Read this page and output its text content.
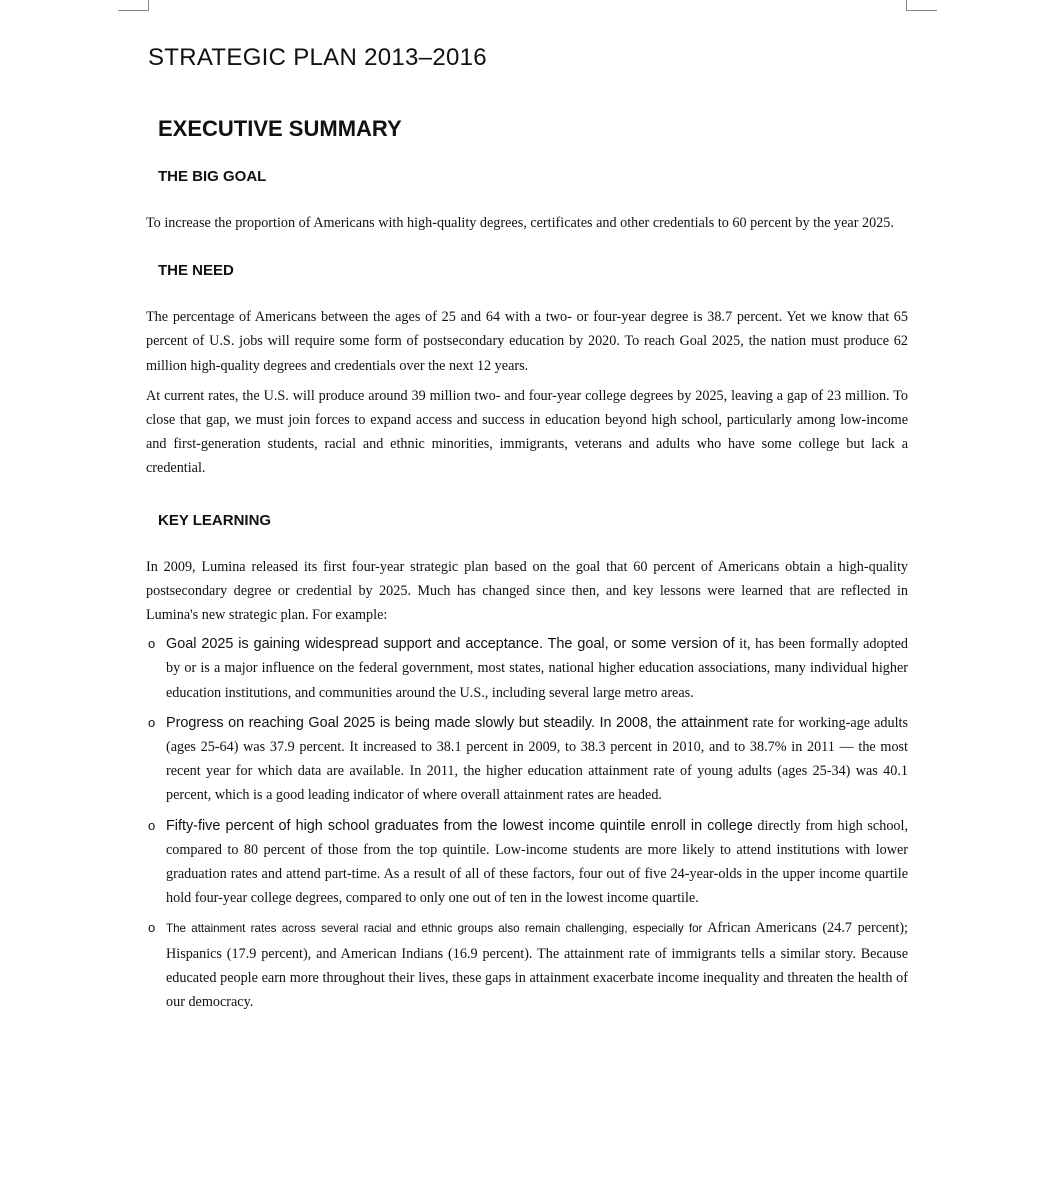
STRATEGIC PLAN 2013–2016
EXECUTIVE SUMMARY
THE BIG GOAL

To increase the proportion of Americans with high-quality degrees, certificates and other credentials to 60 percent by the year 2025.

THE NEED

The percentage of Americans between the ages of 25 and 64 with a two- or four-year degree is 38.7 percent. Yet we know that 65 percent of U.S. jobs will require some form of postsecondary education by 2020. To reach Goal 2025, the nation must produce 62 million high-quality degrees and credentials over the next 12 years.

At current rates, the U.S. will produce around 39 million two- and four-year college degrees by 2025, leaving a gap of 23 million. To close that gap, we must join forces to expand access and success in education beyond high school, particularly among low-income and first-generation students, racial and ethnic minorities, immigrants, veterans and adults who have some college but lack a credential.

KEY LEARNING

In 2009, Lumina released its first four-year strategic plan based on the goal that 60 percent of Americans obtain a high-quality postsecondary degree or credential by 2025. Much has changed since then, and key lessons were learned that are reflected in Lumina's new strategic plan. For example:

o Goal 2025 is gaining widespread support and acceptance. The goal, or some version of it, has been formally adopted by or is a major influence on the federal government, most states, national higher education associations, many individual higher education institutions, and communities around the U.S., including several large metro areas.
o Progress on reaching Goal 2025 is being made slowly but steadily. In 2008, the attainment rate for working-age adults (ages 25-64) was 37.9 percent. It increased to 38.1 percent in 2009, to 38.3 percent in 2010, and to 38.7% in 2011 — the most recent year for which data are available. In 2011, the higher education attainment rate of young adults (ages 25-34) was 40.1 percent, which is a good leading indicator of where overall attainment rates are headed.
o Fifty-five percent of high school graduates from the lowest income quintile enroll in college directly from high school, compared to 80 percent of those from the top quintile. Low-income students are more likely to attend institutions with lower graduation rates and attend part-time. As a result of all of these factors, four out of five 24-year-olds in the upper income quartile hold four-year college degrees, compared to only one out of ten in the lowest income quartile.
o The attainment rates across several racial and ethnic groups also remain challenging, especially for African Americans (24.7 percent); Hispanics (17.9 percent), and American Indians (16.9 percent). The attainment rate of immigrants tells a similar story. Because educated people earn more throughout their lives, these gaps in attainment exacerbate income inequality and threaten the health of our democracy.
